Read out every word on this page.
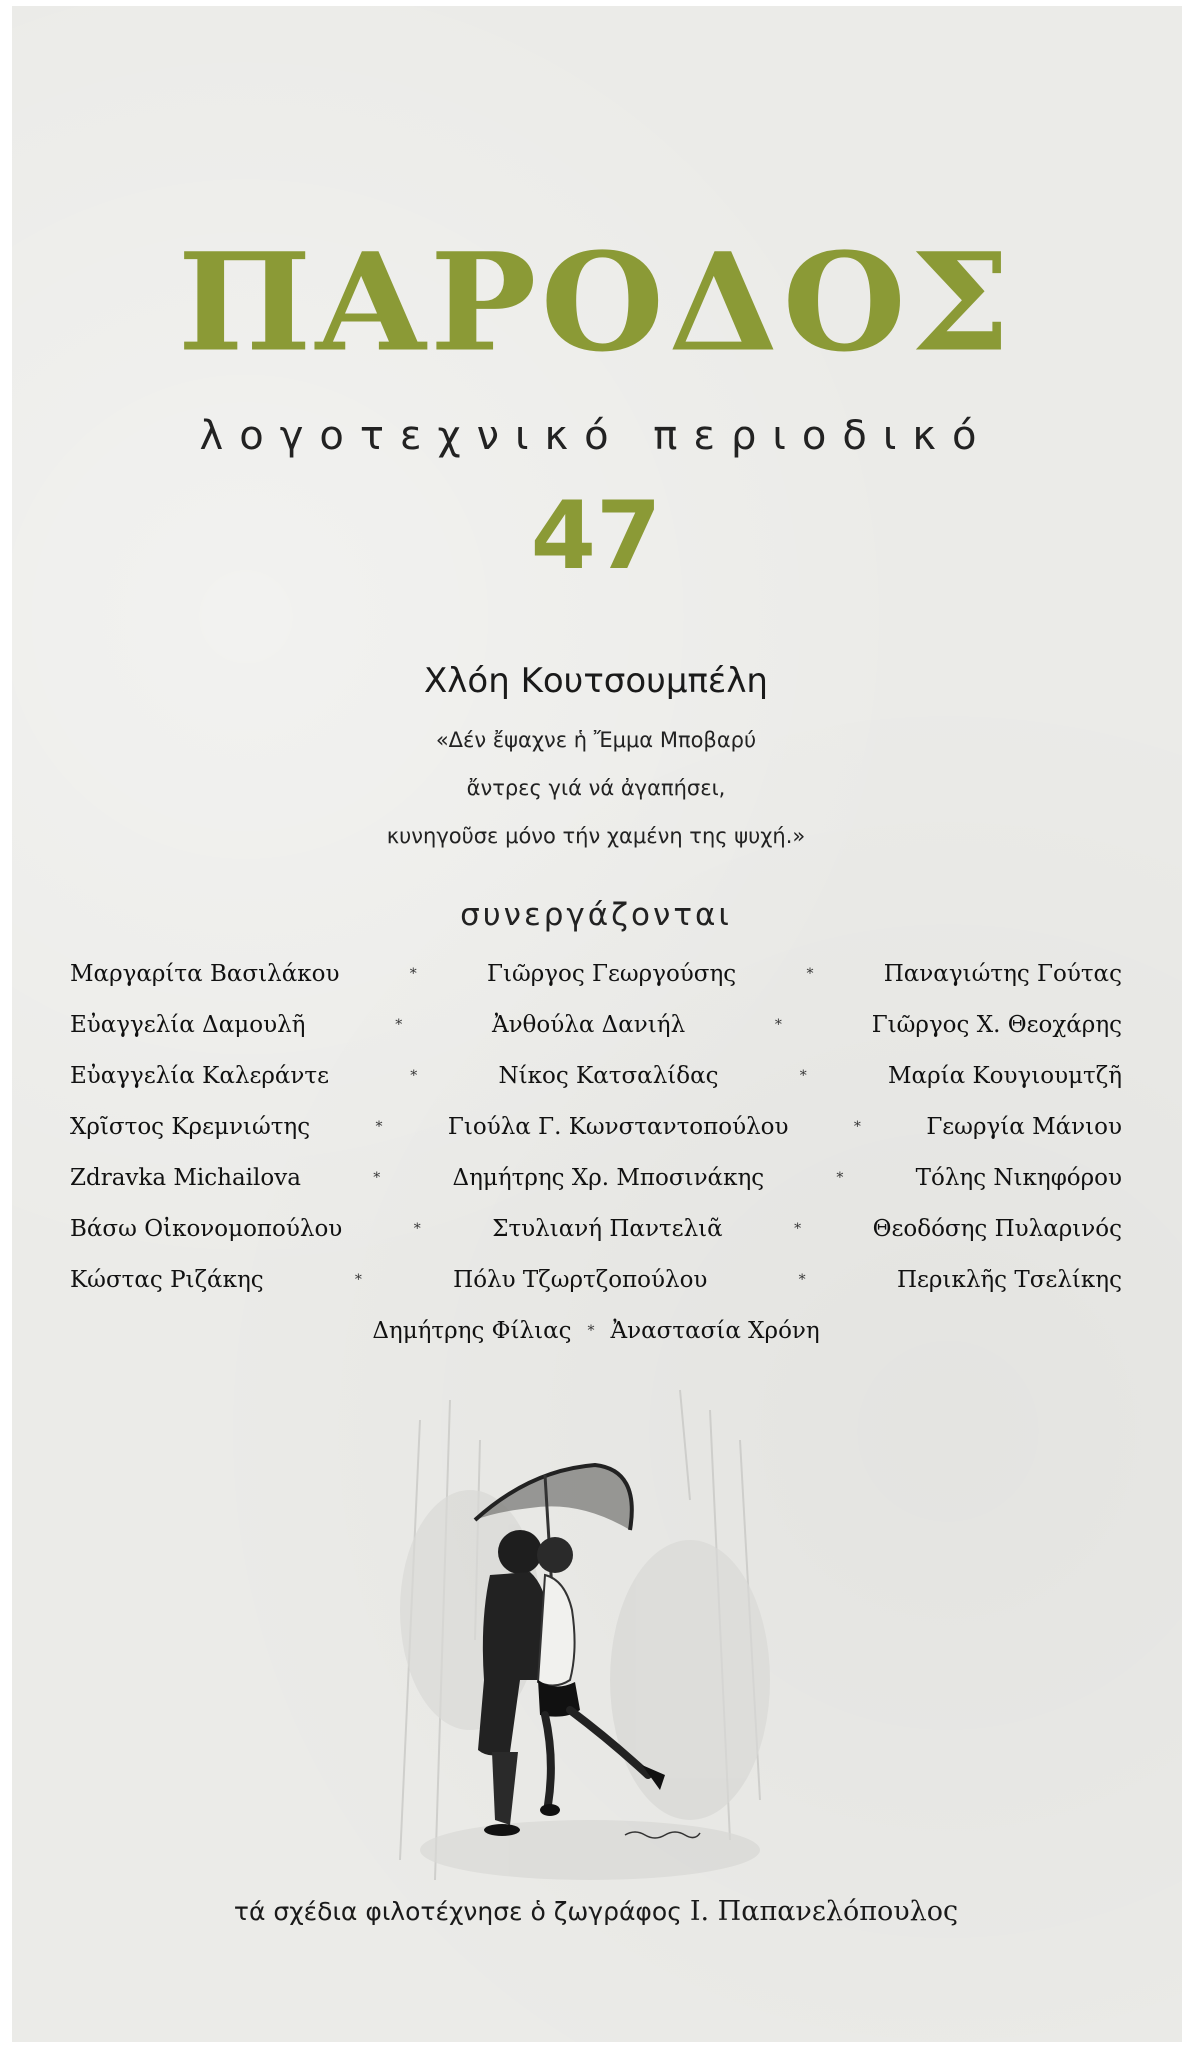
ΠΑΡΟΔΟΣ
λογοτεχνικό περιοδικό
47
Χλόη Κουτσουμπέλη
«Δέν ἔψαχνε ἡ Ἔμμα Μποβαρύ
ἄντρες γιά νά ἀγαπήσει,
κυνηγοῦσε μόνο τήν χαμένη της ψυχή.»
συνεργάζονται
Μαργαρίτα Βασιλάκου	*	Γιῶργος Γεωργούσης	*	Παναγιώτης Γούτας
Εὐαγγελία Δαμουλῆ	*	Ἀνθούλα Δανιήλ	*	Γιῶργος Χ. Θεοχάρης
Εὐαγγελία Καλεράντε	*	Νίκος Κατσαλίδας	*	Μαρία Κουγιουμτζῆ
Χρῖστος Κρεμνιώτης	*	Γιούλα Γ. Κωνσταντοπούλου	*	Γεωργία Μάνιου
Zdravka Michailova	*	Δημήτρης Χρ. Μποσινάκης	*	Τόλης Νικηφόρου
Βάσω Οἰκονομοπούλου	*	Στυλιανή Παντελιᾶ	*	Θεοδόσης Πυλαρινός
Κώστας Ριζάκης	*	Πόλυ Τζωρτζοπούλου	*	Περικλῆς Τσελίκης
Δημήτρης Φίλιας * Ἀναστασία Χρόνη
τά σχέδια φιλοτέχνησε ὁ ζωγράφος Ι. Παπανελόπουλος
